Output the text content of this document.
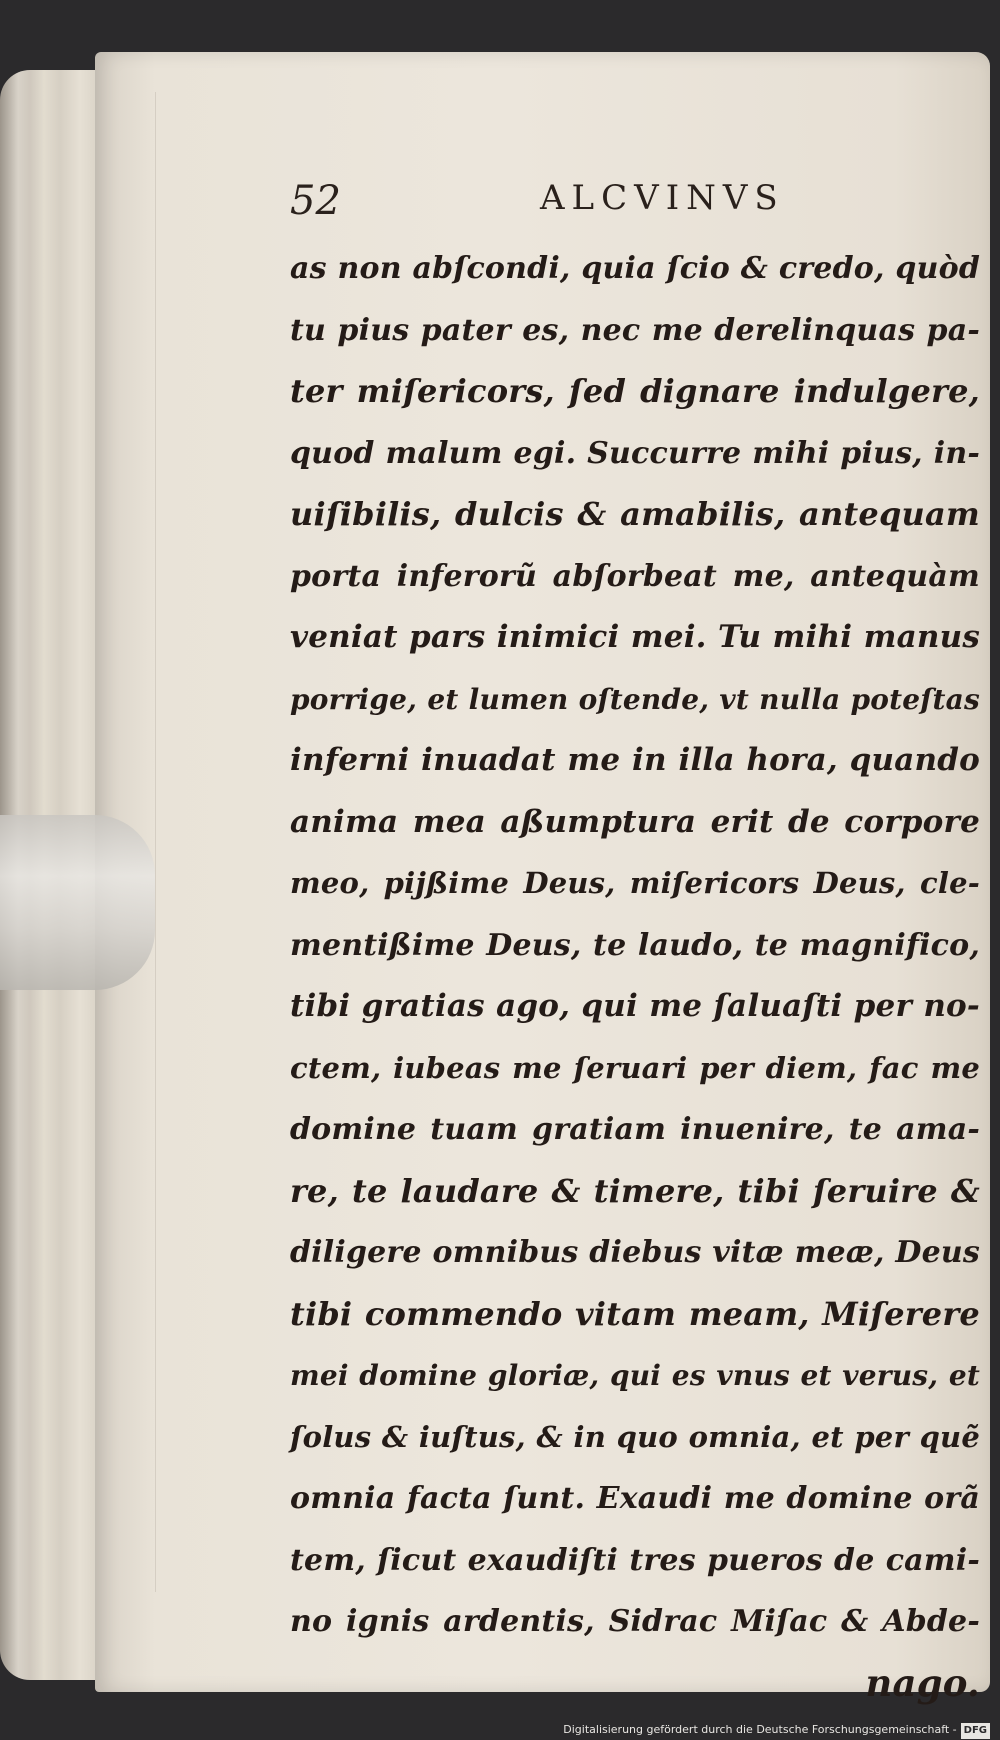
52	ALCVINVS
as non abſcondi, quia ſcio & credo, quòd
tu pius pater es, nec me derelinquas pa-
ter miſericors, ſed dignare indulgere,
quod malum egi. Succurre mihi pius, in-
uiſibilis, dulcis & amabilis, antequam
porta inferorũ abſorbeat me, antequàm
veniat pars inimici mei. Tu mihi manus
porrige, et lumen oſtende, vt nulla poteſtas
inferni inuadat me in illa hora, quando
anima mea aßumptura erit de corpore
meo, pijßime Deus, miſericors Deus, cle-
mentißime Deus, te laudo, te magnifico,
tibi gratias ago, qui me ſaluaſti per no-
ctem, iubeas me ſeruari per diem, fac me
domine tuam gratiam inuenire, te ama-
re, te laudare & timere, tibi ſeruire &
diligere omnibus diebus vitæ meæ, Deus
tibi commendo vitam meam, Miſerere
mei domine gloriæ, qui es vnus et verus, et
ſolus & iuſtus, & in quo omnia, et per quẽ
omnia facta ſunt. Exaudi me domine orã
tem, ſicut exaudiſti tres pueros de cami-
no ignis ardentis, Sidrac Miſac & Abde-
nago.
Digitalisierung gefördert durch die Deutsche Forschungsgemeinschaft - DFG
